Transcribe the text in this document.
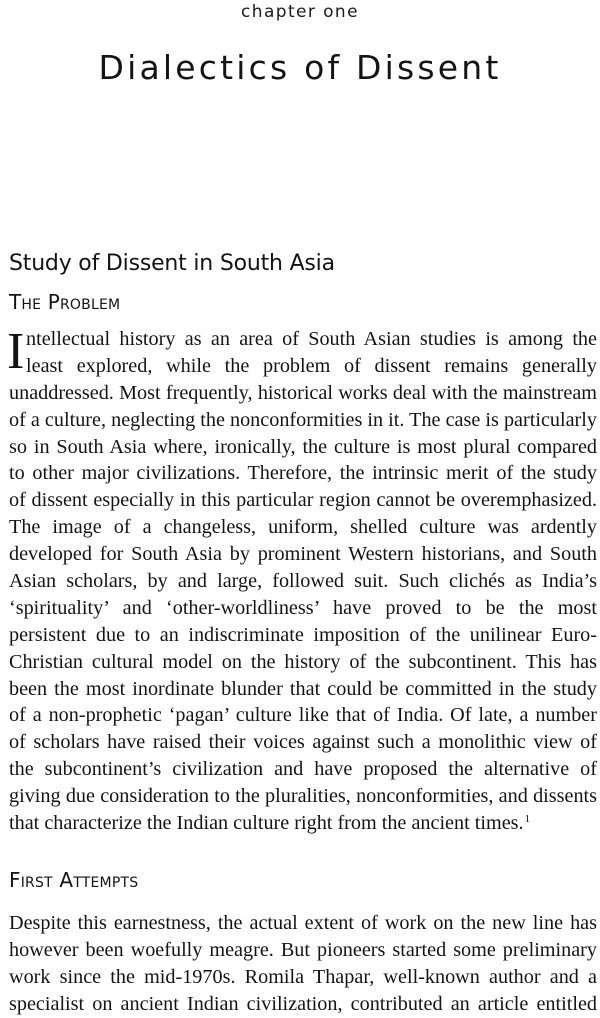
chapter one
Dialectics of Dissent
Study of Dissent in South Asia
The Problem
I ntellectual history as an area of South Asian studies is among the
least explored, while the problem of dissent remains generally
unaddressed. Most frequently, historical works deal with the mainstream
of a culture, neglecting the nonconformities in it. The case is particularly
so in South Asia where, ironically, the culture is most plural compared
to other major civilizations. Therefore, the intrinsic merit of the study
of dissent especially in this particular region cannot be overemphasized.
The image of a changeless, uniform, shelled culture was ardently
developed for South Asia by prominent Western historians, and South
Asian scholars, by and large, followed suit. Such clichés as India’s
‘spirituality’ and ‘other-worldliness’ have proved to be the most
persistent due to an indiscriminate imposition of the unilinear Euro-
Christian cultural model on the history of the subcontinent. This has
been the most inordinate blunder that could be committed in the study
of a non-prophetic ‘pagan’ culture like that of India. Of late, a number
of scholars have raised their voices against such a monolithic view of
the subcontinent’s civilization and have proposed the alternative of
giving due consideration to the pluralities, nonconformities, and dissents
that characterize the Indian culture right from the ancient times.$^1$
First Attempts
Despite this earnestness, the actual extent of work on the new line has
however been woefully meagre. But pioneers started some preliminary
work since the mid-1970s. Romila Thapar, well-known author and a
specialist on ancient Indian civilization, contributed an article entitled
